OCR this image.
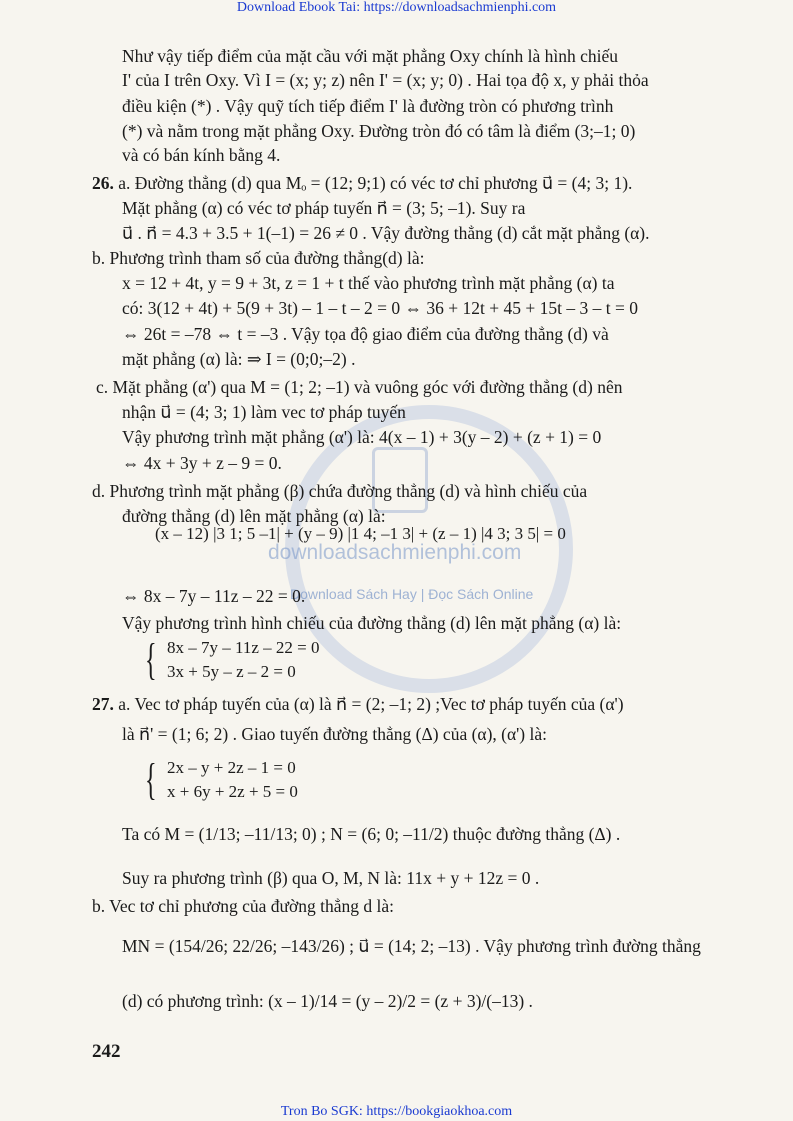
Download Ebook Tai: https://downloadsachmienphi.com
downloadsachmienphi.com
Download Sách Hay | Đọc Sách Online
Như vậy tiếp điểm của mặt cầu với mặt phẳng Oxy chính là hình chiếu
I' của I trên Oxy. Vì I = (x; y; z) nên I' = (x; y; 0) . Hai tọa độ x, y phải thỏa
điều kiện (*) . Vậy quỹ tích tiếp điểm I' là đường tròn có phương trình
(*) và nằm trong mặt phẳng Oxy. Đường tròn đó có tâm là điểm (3;–1; 0)
và có bán kính bằng 4.
26. a. Đường thẳng (d) qua Mₒ = (12; 9;1) có véc tơ chỉ phương u⃗ = (4; 3; 1).
Mặt phẳng (α) có véc tơ pháp tuyến n⃗ = (3; 5; –1). Suy ra
u⃗ . n⃗ = 4.3 + 3.5 + 1(–1) = 26 ≠ 0 . Vậy đường thẳng (d) cắt mặt phẳng (α).
b. Phương trình tham số của đường thẳng(d) là:
x = 12 + 4t, y = 9 + 3t, z = 1 + t thế vào phương trình mặt phẳng (α) ta
có: 3(12 + 4t) + 5(9 + 3t) – 1 – t – 2 = 0 ⇔ 36 + 12t + 45 + 15t – 3 – t = 0
⇔ 26t = –78 ⇔ t = –3 . Vậy tọa độ giao điểm của đường thẳng (d) và
mặt phẳng (α) là: ⇒ I = (0;0;–2) .
c. Mặt phẳng (α') qua M = (1; 2; –1) và vuông góc với đường thẳng (d) nên
nhận u⃗ = (4; 3; 1) làm vec tơ pháp tuyến
Vậy phương trình mặt phẳng (α') là: 4(x – 1) + 3(y – 2) + (z + 1) = 0
⇔ 4x + 3y + z – 9 = 0.
d. Phương trình mặt phẳng (β) chứa đường thẳng (d) và hình chiếu của
đường thẳng (d) lên mặt phẳng (α) là:
⇔ 8x – 7y – 11z – 22 = 0.
Vậy phương trình hình chiếu của đường thẳng (d) lên mặt phẳng (α) là:
27. a. Vec tơ pháp tuyến của (α) là n⃗ = (2; –1; 2) ;Vec tơ pháp tuyến của (α')
là n⃗' = (1; 6; 2) . Giao tuyến đường thẳng (Δ) của (α), (α') là:
Ta có M = (1/13; –11/13; 0) ; N = (6; 0; –11/2) thuộc đường thẳng (Δ) .
Suy ra phương trình (β) qua O, M, N là: 11x + y + 12z = 0 .
b. Vec tơ chỉ phương của đường thẳng d là:
MN = (154/26; 22/26; –143/26) ; u⃗ = (14; 2; –13) . Vậy phương trình đường thẳng
(d) có phương trình: (x – 1)/14 = (y – 2)/2 = (z + 3)/(–13) .
(x – 12) |3 1; 5 –1| + (y – 9) |1 4; –1 3| + (z – 1) |4 3; 3 5| = 0
{ 8x – 7y – 11z – 22 = 0
3x + 5y – z – 2 = 0
{ 2x – y + 2z – 1 = 0
x + 6y + 2z + 5 = 0
242
Tron Bo SGK: https://bookgiaokhoa.com
